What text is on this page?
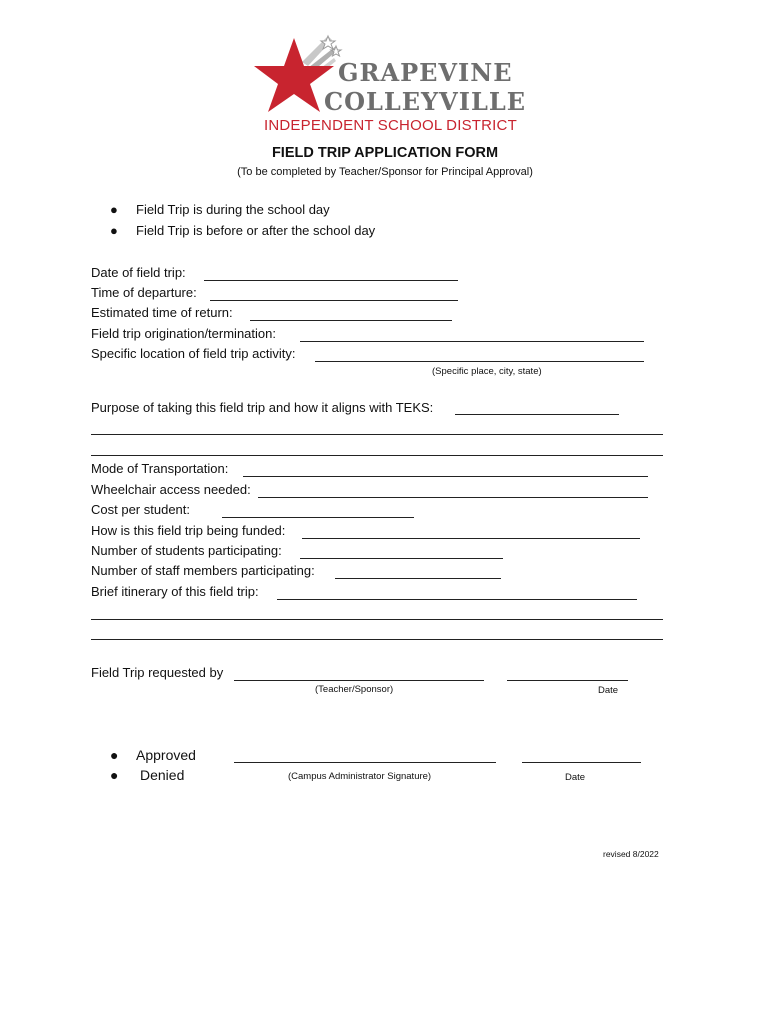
GRAPEVINE
COLLEYVILLE
INDEPENDENT SCHOOL DISTRICT
FIELD TRIP APPLICATION FORM
(To be completed by Teacher/Sponsor for Principal Approval)
● Field Trip is during the school day
● Field Trip is before or after the school day
Date of field trip:
Time of departure:
Estimated time of return:
Field trip origination/termination:
Specific location of field trip activity:
(Specific place, city, state)
Purpose of taking this field trip and how it aligns with TEKS:
Mode of Transportation:
Wheelchair access needed:
Cost per student:
How is this field trip being funded:
Number of students participating:
Number of staff members participating:
Brief itinerary of this field trip:
Field Trip requested by
(Teacher/Sponsor)	Date
● Approved
● Denied	(Campus Administrator Signature)	Date
revised 8/2022
